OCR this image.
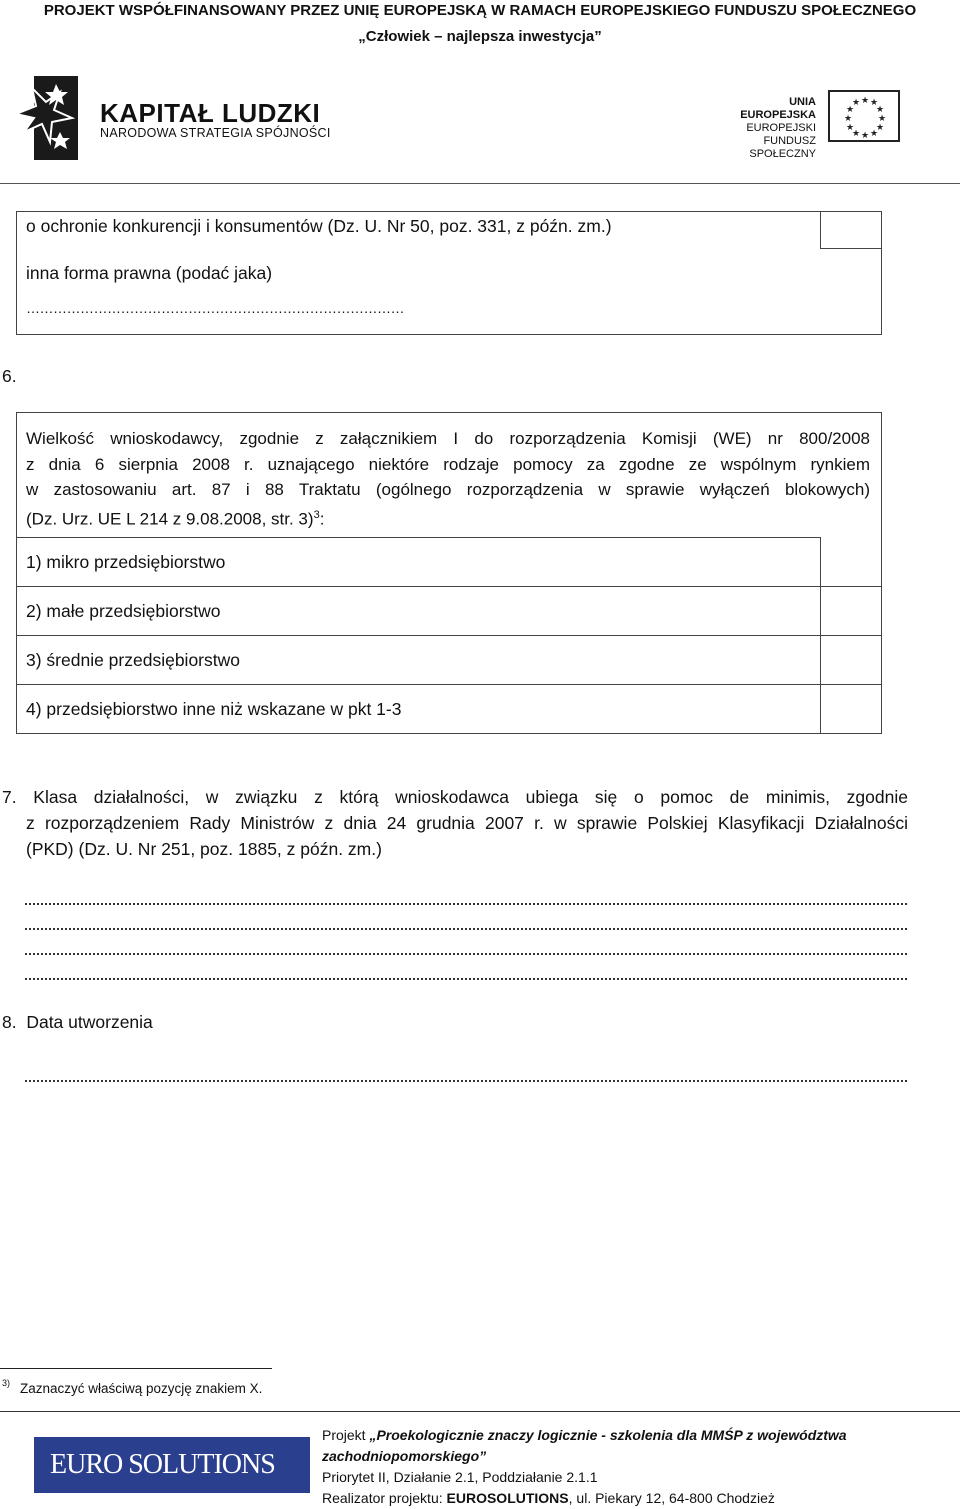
PROJEKT WSPÓŁFINANSOWANY PRZEZ UNIĘ EUROPEJSKĄ W RAMACH EUROPEJSKIEGO FUNDUSZU SPOŁECZNEGO
„Człowiek – najlepsza inwestycja”
KAPITAŁ LUDZKI
NARODOWA STRATEGIA SPÓJNOŚCI
UNIA EUROPEJSKA
EUROPEJSKI
FUNDUSZ SPOŁECZNY
★ ★
★
★
★
★
★
★
★
★
★
★
o ochronie konkurencji i konsumentów (Dz. U. Nr 50, poz. 331, z późn. zm.)
inna forma prawna (podać jaka)
…………………………………………………………………………
6.
Wielkość wnioskodawcy, zgodnie z załącznikiem I do rozporządzenia Komisji (WE) nr 800/2008
z dnia 6 sierpnia 2008 r. uznającego niektóre rodzaje pomocy za zgodne ze wspólnym rynkiem
w zastosowaniu art. 87 i 88 Traktatu (ogólnego rozporządzenia w sprawie wyłączeń blokowych)
(Dz. Urz. UE L 214 z 9.08.2008, str. 3)$^3$:
1) mikro przedsiębiorstwo
2) małe przedsiębiorstwo
3) średnie przedsiębiorstwo
4) przedsiębiorstwo inne niż wskazane w pkt 1-3
7. Klasa działalności, w związku z którą wnioskodawca ubiega się o pomoc de minimis, zgodnie
z rozporządzeniem Rady Ministrów z dnia 24 grudnia 2007 r. w sprawie Polskiej Klasyfikacji Działalności
(PKD) (Dz. U. Nr 251, poz. 1885, z późn. zm.)
8.  Data utworzenia
3) Zaznaczyć właściwą pozycję znakiem X.
EURO SOLUTIONS
Projekt „Proekologicznie znaczy logicznie - szkolenia dla MMŚP z województwa
zachodniopomorskiego”
Priorytet II, Działanie 2.1, Poddziałanie 2.1.1
Realizator projektu: EUROSOLUTIONS, ul. Piekary 12, 64-800 Chodzież
